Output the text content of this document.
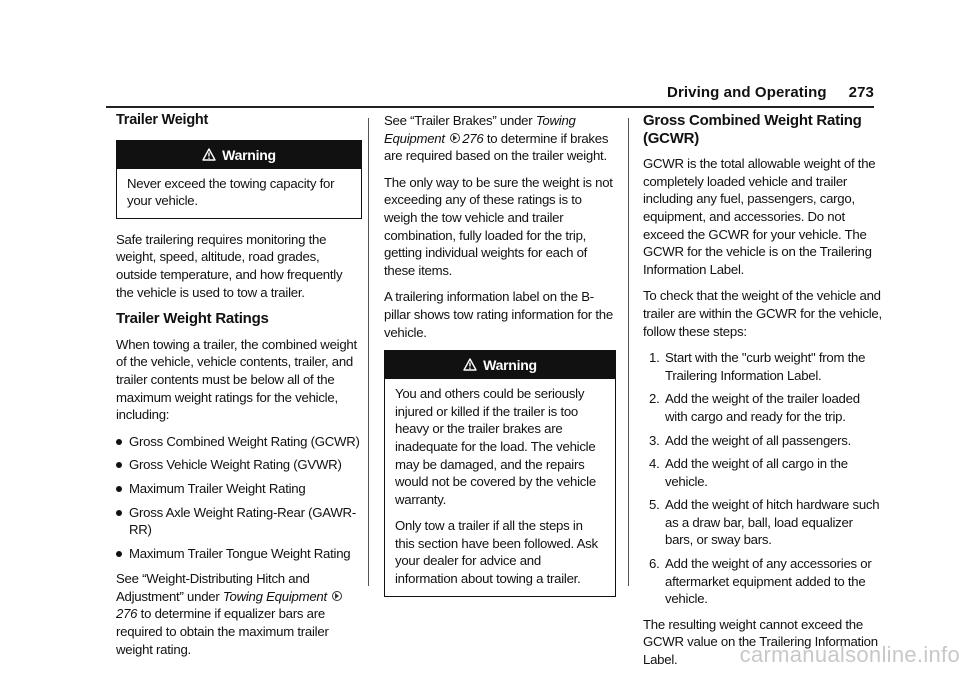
Driving and Operating 273
Trailer Weight
Warning

Never exceed the towing capacity for your vehicle.

Safe trailering requires monitoring the weight, speed, altitude, road grades, outside temperature, and how frequently the vehicle is used to tow a trailer.

Trailer Weight Ratings

When towing a trailer, the combined weight of the vehicle, vehicle contents, trailer, and trailer contents must be below all of the maximum weight ratings for the vehicle, including:

Gross Combined Weight Rating (GCWR)
Gross Vehicle Weight Rating (GVWR)
Maximum Trailer Weight Rating
Gross Axle Weight Rating-Rear (GAWR-RR)
Maximum Trailer Tongue Weight Rating

See “Weight-Distributing Hitch and Adjustment” under Towing Equipment 276 to determine if equalizer bars are required to obtain the maximum trailer weight rating.

See “Trailer Brakes” under Towing Equipment 276 to determine if brakes are required based on the trailer weight.

The only way to be sure the weight is not exceeding any of these ratings is to weigh the tow vehicle and trailer combination, fully loaded for the trip, getting individual weights for each of these items.

A trailering information label on the B-pillar shows tow rating information for the vehicle.

Warning

You and others could be seriously injured or killed if the trailer is too heavy or the trailer brakes are inadequate for the load. The vehicle may be damaged, and the repairs would not be covered by the vehicle warranty.

Only tow a trailer if all the steps in this section have been followed. Ask your dealer for advice and information about towing a trailer.

Gross Combined Weight Rating (GCWR)

GCWR is the total allowable weight of the completely loaded vehicle and trailer including any fuel, passengers, cargo, equipment, and accessories. Do not exceed the GCWR for your vehicle. The GCWR for the vehicle is on the Trailering Information Label.

To check that the weight of the vehicle and trailer are within the GCWR for the vehicle, follow these steps:

1. Start with the "curb weight" from the Trailering Information Label.
2. Add the weight of the trailer loaded with cargo and ready for the trip.
3. Add the weight of all passengers.
4. Add the weight of all cargo in the vehicle.
5. Add the weight of hitch hardware such as a draw bar, ball, load equalizer bars, or sway bars.
6. Add the weight of any accessories or aftermarket equipment added to the vehicle.

The resulting weight cannot exceed the GCWR value on the Trailering Information Label.	carmanualsonline.info
